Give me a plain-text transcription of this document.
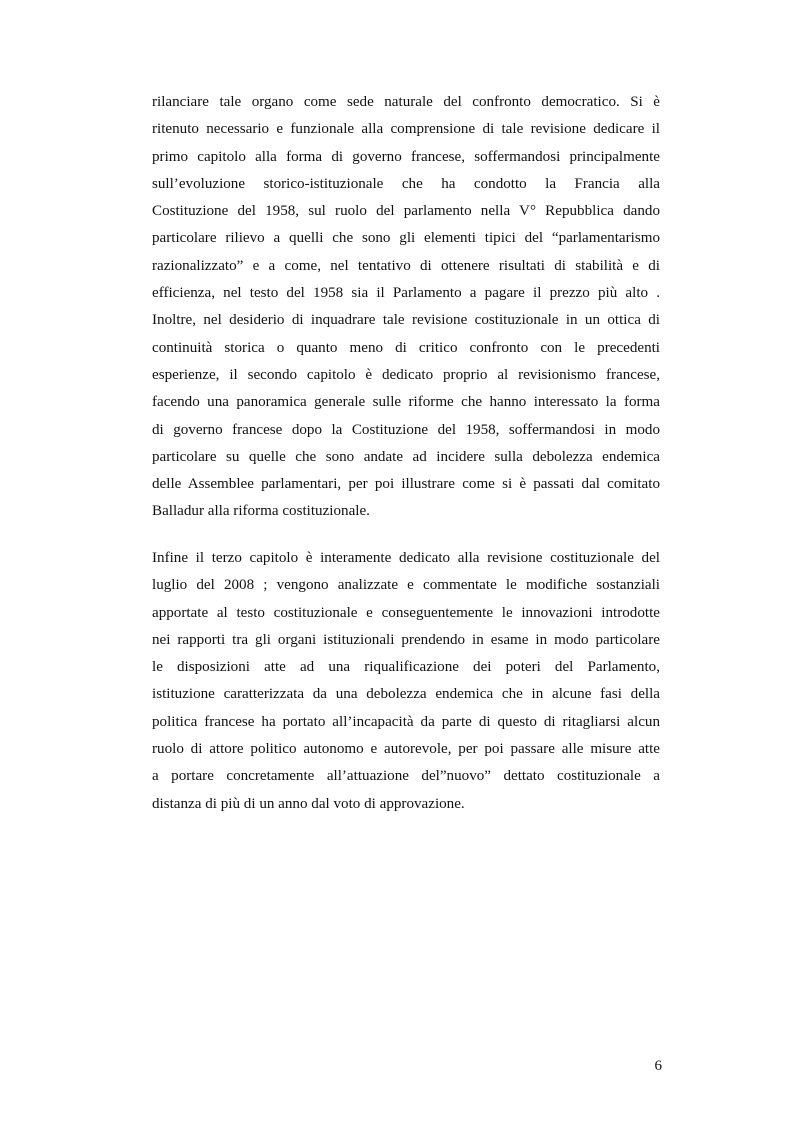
rilanciare tale organo come sede naturale del confronto democratico. Si è
ritenuto necessario e funzionale alla comprensione di tale revisione dedicare il
primo capitolo alla forma di governo francese, soffermandosi principalmente
sull’evoluzione storico-istituzionale che ha condotto la Francia alla
Costituzione del 1958, sul ruolo del parlamento nella V° Repubblica dando
particolare rilievo a quelli che sono gli elementi tipici del “parlamentarismo
razionalizzato” e a come, nel tentativo di ottenere risultati di stabilità e di
efficienza, nel testo del 1958 sia il Parlamento a pagare il prezzo più alto .
Inoltre, nel desiderio di inquadrare tale revisione costituzionale in un ottica di
continuità storica o quanto meno di critico confronto con le precedenti
esperienze, il secondo capitolo è dedicato proprio al revisionismo francese,
facendo una panoramica generale sulle riforme che hanno interessato la forma
di governo francese dopo la Costituzione del 1958, soffermandosi in modo
particolare su quelle che sono andate ad incidere sulla debolezza endemica
delle Assemblee parlamentari, per poi illustrare come si è passati dal comitato
Balladur alla riforma costituzionale.
Infine il terzo capitolo è interamente dedicato alla revisione costituzionale del
luglio del 2008 ; vengono analizzate e commentate le modifiche sostanziali
apportate al testo costituzionale e conseguentemente le innovazioni introdotte
nei rapporti tra gli organi istituzionali prendendo in esame in modo particolare
le disposizioni atte ad una riqualificazione dei poteri del Parlamento,
istituzione caratterizzata da una debolezza endemica che in alcune fasi della
politica francese ha portato all’incapacità da parte di questo di ritagliarsi alcun
ruolo di attore politico autonomo e autorevole, per poi passare alle misure atte
a portare concretamente all’attuazione del”nuovo” dettato costituzionale a
distanza di più di un anno dal voto di approvazione.
6
